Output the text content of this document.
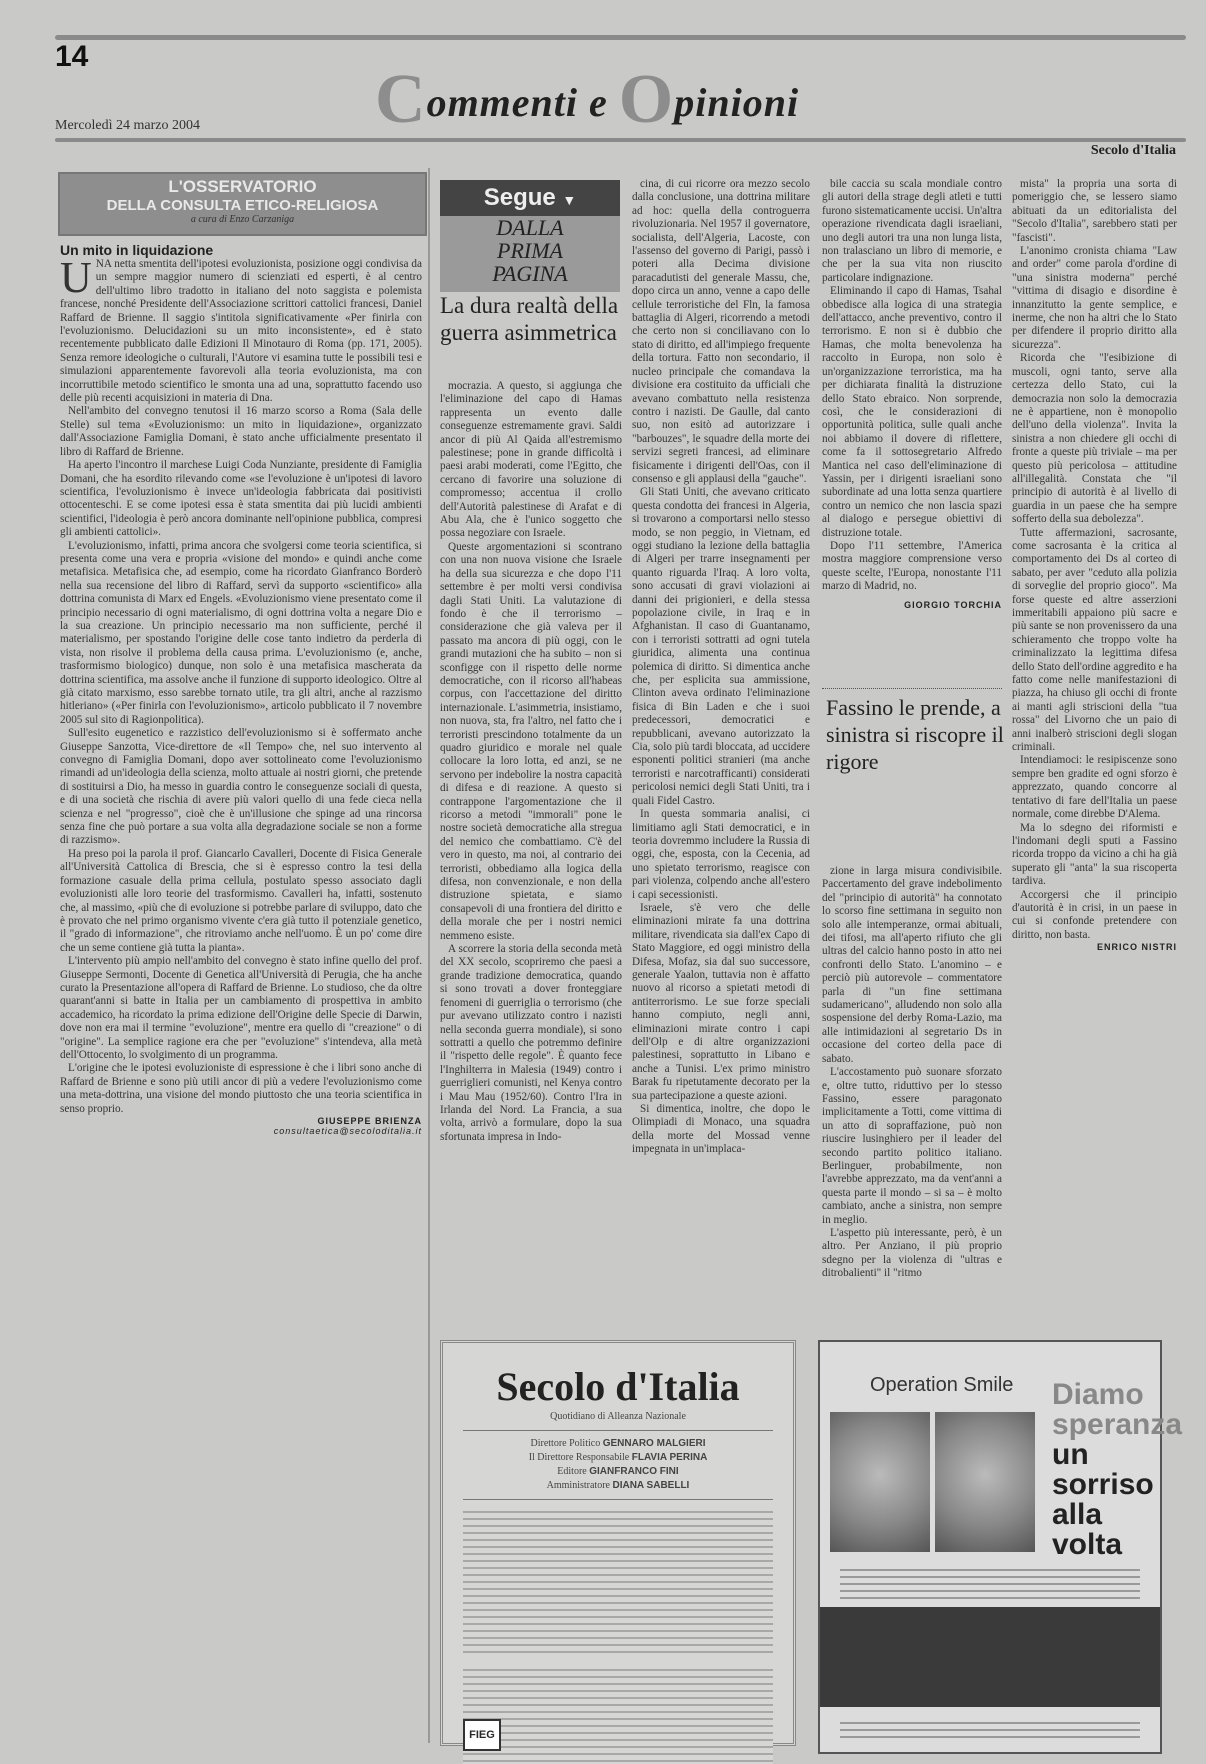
14
Commenti e Opinioni
Mercoledì 24 marzo 2004
Secolo d'Italia
L'OSSERVATORIO
DELLA CONSULTA ETICO-RELIGIOSA
a cura di Enzo Carzaniga
Un mito in liquidazione

UNA netta smentita dell'ipotesi evoluzionista, posizione oggi condivisa da un sempre maggior numero di scienziati ed esperti, è al centro dell'ultimo libro tradotto in italiano del noto saggista e polemista francese, nonché Presidente dell'Associazione scrittori cattolici francesi, Daniel Raffard de Brienne. Il saggio s'intitola significativamente «Per finirla con l'evoluzionismo. Delucidazioni su un mito inconsistente», ed è stato recentemente pubblicato dalle Edizioni Il Minotauro di Roma (pp. 171, 2005). Senza remore ideologiche o culturali, l'Autore vi esamina tutte le possibili tesi e simulazioni apparentemente favorevoli alla teoria evoluzionista, ma con incorruttibile metodo scientifico le smonta una ad una, soprattutto facendo uso delle più recenti acquisizioni in materia di Dna.

Nell'ambito del convegno tenutosi il 16 marzo scorso a Roma (Sala delle Stelle) sul tema «Evoluzionismo: un mito in liquidazione», organizzato dall'Associazione Famiglia Domani, è stato anche ufficialmente presentato il libro di Raffard de Brienne.

Ha aperto l'incontro il marchese Luigi Coda Nunziante, presidente di Famiglia Domani, che ha esordito rilevando come «se l'evoluzione è un'ipotesi di lavoro scientifica, l'evoluzionismo è invece un'ideologia fabbricata dai positivisti ottocenteschi. E se come ipotesi essa è stata smentita dai più lucidi ambienti scientifici, l'ideologia è però ancora dominante nell'opinione pubblica, compresi gli ambienti cattolici».

L'evoluzionismo, infatti, prima ancora che svolgersi come teoria scientifica, si presenta come una vera e propria «visione del mondo» e quindi anche come metafisica. Metafisica che, ad esempio, come ha ricordato Gianfranco Borderò nella sua recensione del libro di Raffard, servì da supporto «scientifico» alla dottrina comunista di Marx ed Engels. «Evoluzionismo viene presentato come il principio necessario di ogni materialismo, di ogni dottrina volta a negare Dio e la sua creazione. Un principio necessario ma non sufficiente, perché il materialismo, per spostando l'origine delle cose tanto indietro da perderla di vista, non risolve il problema della causa prima. L'evoluzionismo (e, anche, trasformismo biologico) dunque, non solo è una metafisica mascherata da dottrina scientifica, ma assolve anche il funzione di supporto ideologico. Oltre al già citato marxismo, esso sarebbe tornato utile, tra gli altri, anche al razzismo hitleriano» («Per finirla con l'evoluzionismo», articolo pubblicato il 7 novembre 2005 sul sito di Ragionpolitica).

Sull'esito eugenetico e razzistico dell'evoluzionismo si è soffermato anche Giuseppe Sanzotta, Vice-direttore de «Il Tempo» che, nel suo intervento al convegno di Famiglia Domani, dopo aver sottolineato come l'evoluzionismo rimandi ad un'ideologia della scienza, molto attuale ai nostri giorni, che pretende di sostituirsi a Dio, ha messo in guardia contro le conseguenze sociali di questa, e di una società che rischia di avere più valori quello di una fede cieca nella scienza e nel "progresso", cioè che è un'illusione che spinge ad una rincorsa senza fine che può portare a sua volta alla degradazione sociale se non a forme di razzismo».

Ha preso poi la parola il prof. Giancarlo Cavalleri, Docente di Fisica Generale all'Università Cattolica di Brescia, che si è espresso contro la tesi della formazione casuale della prima cellula, postulato spesso associato dagli evoluzionisti alle loro teorie del trasformismo. Cavalleri ha, infatti, sostenuto che, al massimo, «più che di evoluzione si potrebbe parlare di sviluppo, dato che è provato che nel primo organismo vivente c'era già tutto il potenziale genetico, il "grado di informazione", che ritroviamo anche nell'uomo. È un po' come dire che un seme contiene già tutta la pianta».

L'intervento più ampio nell'ambito del convegno è stato infine quello del prof. Giuseppe Sermonti, Docente di Genetica all'Università di Perugia, che ha anche curato la Presentazione all'opera di Raffard de Brienne. Lo studioso, che da oltre quarant'anni si batte in Italia per un cambiamento di prospettiva in ambito accademico, ha ricordato la prima edizione dell'Origine delle Specie di Darwin, dove non era mai il termine "evoluzione", mentre era quello di "creazione" o di "origine". La semplice ragione era che per "evoluzione" s'intendeva, alla metà dell'Ottocento, lo svolgimento di un programma.

L'origine che le ipotesi evoluzioniste di espressione è che i libri sono anche di Raffard de Brienne e sono più utili ancor di più a vedere l'evoluzionismo come una meta-dottrina, una visione del mondo piuttosto che una teoria scientifica in senso proprio.

GIUSEPPE BRIENZA
consultaetica@secoloditalia.it
Segue ▼
DALLA
PRIMA
PAGINA
La dura realtà della guerra asimmetrica

mocrazia. A questo, si aggiunga che l'eliminazione del capo di Hamas rappresenta un evento dalle conseguenze estremamente gravi. Saldi ancor di più Al Qaida all'estremismo palestinese; pone in grande difficoltà i paesi arabi moderati, come l'Egitto, che cercano di favorire una soluzione di compromesso; accentua il crollo dell'Autorità palestinese di Arafat e di Abu Ala, che è l'unico soggetto che possa negoziare con Israele.

Queste argomentazioni si scontrano con una non nuova visione che Israele ha della sua sicurezza e che dopo l'11 settembre è per molti versi condivisa dagli Stati Uniti. La valutazione di fondo è che il terrorismo – considerazione che già valeva per il passato ma ancora di più oggi, con le grandi mutazioni che ha subito – non si sconfigge con il rispetto delle norme democratiche, con il ricorso all'habeas corpus, con l'accettazione del diritto internazionale. L'asimmetria, insistiamo, non nuova, sta, fra l'altro, nel fatto che i terroristi prescindono totalmente da un quadro giuridico e morale nel quale collocare la loro lotta, ed anzi, se ne servono per indebolire la nostra capacità di difesa e di reazione. A questo si contrappone l'argomentazione che il ricorso a metodi "immorali" pone le nostre società democratiche alla stregua del nemico che combattiamo. C'è del vero in questo, ma noi, al contrario dei terroristi, obbediamo alla logica della difesa, non convenzionale, e non della distruzione spietata, e siamo consapevoli di una frontiera del diritto e della morale che per i nostri nemici nemmeno esiste.

A scorrere la storia della seconda metà del XX secolo, scopriremo che paesi a grande tradizione democratica, quando si sono trovati a dover fronteggiare fenomeni di guerriglia o terrorismo (che pur avevano utilizzato contro i nazisti nella seconda guerra mondiale), si sono sottratti a quello che potremmo definire il "rispetto delle regole". È quanto fece l'Inghilterra in Malesia (1949) contro i guerriglieri comunisti, nel Kenya contro i Mau Mau (1952/60). Contro l'Ira in Irlanda del Nord. La Francia, a sua volta, arrivò a formulare, dopo la sua sfortunata impresa in Indo-

cina, di cui ricorre ora mezzo secolo dalla conclusione, una dottrina militare ad hoc: quella della controguerra rivoluzionaria. Nel 1957 il governatore, socialista, dell'Algeria, Lacoste, con l'assenso del governo di Parigi, passò i poteri alla Decima divisione paracadutisti del generale Massu, che, dopo circa un anno, venne a capo delle cellule terroristiche del Fln, la famosa battaglia di Algeri, ricorrendo a metodi che certo non si conciliavano con lo stato di diritto, ed all'impiego frequente della tortura. Fatto non secondario, il nucleo principale che comandava la divisione era costituito da ufficiali che avevano combattuto nella resistenza contro i nazisti. De Gaulle, dal canto suo, non esitò ad autorizzare i "barbouzes", le squadre della morte dei servizi segreti francesi, ad eliminare fisicamente i dirigenti dell'Oas, con il consenso e gli applausi della "gauche".

Gli Stati Uniti, che avevano criticato questa condotta dei francesi in Algeria, si trovarono a comportarsi nello stesso modo, se non peggio, in Vietnam, ed oggi studiano la lezione della battaglia di Algeri per trarre insegnamenti per quanto riguarda l'Iraq. A loro volta, sono accusati di gravi violazioni ai danni dei prigionieri, e della stessa popolazione civile, in Iraq e in Afghanistan. Il caso di Guantanamo, con i terroristi sottratti ad ogni tutela giuridica, alimenta una continua polemica di diritto. Si dimentica anche che, per esplicita sua ammissione, Clinton aveva ordinato l'eliminazione fisica di Bin Laden e che i suoi predecessori, democratici e repubblicani, avevano autorizzato la Cia, solo più tardi bloccata, ad uccidere esponenti politici stranieri (ma anche terroristi e narcotrafficanti) considerati pericolosi nemici degli Stati Uniti, tra i quali Fidel Castro.

In questa sommaria analisi, ci limitiamo agli Stati democratici, e in teoria dovremmo includere la Russia di oggi, che, esposta, con la Cecenia, ad uno spietato terrorismo, reagisce con pari violenza, colpendo anche all'estero i capi secessionisti.

Israele, s'è vero che delle eliminazioni mirate fa una dottrina militare, rivendicata sia dall'ex Capo di Stato Maggiore, ed oggi ministro della Difesa, Mofaz, sia dal suo successore, generale Yaalon, tuttavia non è affatto nuovo al ricorso a spietati metodi di antiterrorismo. Le sue forze speciali hanno compiuto, negli anni, eliminazioni mirate contro i capi dell'Olp e di altre organizzazioni palestinesi, soprattutto in Libano e anche a Tunisi. L'ex primo ministro Barak fu ripetutamente decorato per la sua partecipazione a queste azioni.

Si dimentica, inoltre, che dopo le Olimpiadi di Monaco, una squadra della morte del Mossad venne impegnata in un'implaca-

bile caccia su scala mondiale contro gli autori della strage degli atleti e tutti furono sistematicamente uccisi. Un'altra operazione rivendicata dagli israeliani, uno degli autori tra una non lunga lista, non tralasciano un libro di memorie, e che per la sua vita non riuscito particolare indignazione.

Eliminando il capo di Hamas, Tsahal obbedisce alla logica di una strategia dell'attacco, anche preventivo, contro il terrorismo. E non si è dubbio che Hamas, che molta benevolenza ha raccolto in Europa, non solo è un'organizzazione terroristica, ma ha per dichiarata finalità la distruzione dello Stato ebraico. Non sorprende, così, che le considerazioni di opportunità politica, sulle quali anche noi abbiamo il dovere di riflettere, come fa il sottosegretario Alfredo Mantica nel caso dell'eliminazione di Yassin, per i dirigenti israeliani sono subordinate ad una lotta senza quartiere contro un nemico che non lascia spazi al dialogo e persegue obiettivi di distruzione totale.

Dopo l'11 settembre, l'America mostra maggiore comprensione verso queste scelte, l'Europa, nonostante l'11 marzo di Madrid, no.

GIORGIO TORCHIA
Fassino le prende, a sinistra si riscopre il rigore

zione in larga misura condivisibile. Paccertamento del grave indebolimento del "principio di autorità" ha connotato lo scorso fine settimana in seguito non solo alle intemperanze, ormai abituali, dei tifosi, ma all'aperto rifiuto che gli ultras del calcio hanno posto in atto nei confronti dello Stato. L'anomino – e perciò più autorevole – commentatore parla di "un fine settimana sudamericano", alludendo non solo alla sospensione del derby Roma-Lazio, ma alle intimidazioni al segretario Ds in occasione del corteo della pace di sabato.

L'accostamento può suonare sforzato e, oltre tutto, riduttivo per lo stesso Fassino, essere paragonato implicitamente a Totti, come vittima di un atto di sopraffazione, può non riuscire lusinghiero per il leader del secondo partito politico italiano. Berlinguer, probabilmente, non l'avrebbe apprezzato, ma da vent'anni a questa parte il mondo – si sa – è molto cambiato, anche a sinistra, non sempre in meglio.

L'aspetto più interessante, però, è un altro. Per Anziano, il più proprio sdegno per la violenza di "ultras e ditrobalienti" il "ritmo

mista" la propria una sorta di pomeriggio che, se lessero siamo abituati da un editorialista del "Secolo d'Italia", sarebbero stati per "fascisti".

L'anonimo cronista chiama "Law and order" come parola d'ordine di "una sinistra moderna" perché "vittima di disagio e disordine è innanzitutto la gente semplice, e inerme, che non ha altri che lo Stato per difendere il proprio diritto alla sicurezza".

Ricorda che "l'esibizione di muscoli, ogni tanto, serve alla certezza dello Stato, cui la democrazia non solo la democrazia ne è appartiene, non è monopolio dell'uno della violenza". Invita la sinistra a non chiedere gli occhi di fronte a queste più triviale – ma per questo più pericolosa – attitudine all'illegalità. Constata che "il principio di autorità è al livello di guardia in un paese che ha sempre sofferto della sua debolezza".

Tutte affermazioni, sacrosante, come sacrosanta è la critica al comportamento dei Ds al corteo di sabato, per aver "ceduto alla polizia di sorveglie del proprio gioco". Ma forse queste ed altre asserzioni immeritabili appaiono più sacre e più sante se non provenissero da una schieramento che troppo volte ha criminalizzato la legittima difesa dello Stato dell'ordine aggredito e ha fatto come nelle manifestazioni di piazza, ha chiuso gli occhi di fronte ai manti agli striscioni della "tua rossa" del Livorno che un paio di anni inalberò striscioni degli slogan criminali.

Intendiamoci: le resipiscenze sono sempre ben gradite ed ogni sforzo è apprezzato, quando concorre al tentativo di fare dell'Italia un paese normale, come direbbe D'Alema.

Ma lo sdegno dei riformisti e l'indomani degli sputi a Fassino ricorda troppo da vicino a chi ha già superato gli "anta" la sua riscoperta tardiva.

Accorgersi che il principio d'autorità è in crisi, in un paese in cui si confonde pretendere con diritto, non basta.

ENRICO NISTRI
Secolo d'Italia
Quotidiano di Alleanza Nazionale
Direttore Politico GENNARO MALGIERI
Il Direttore Responsabile FLAVIA PERINA
Editore GIANFRANCO FINI
Amministratore DIANA SABELLI
FIEG
Operation Smile Diamo
speranza
un
sorriso
alla
volta
